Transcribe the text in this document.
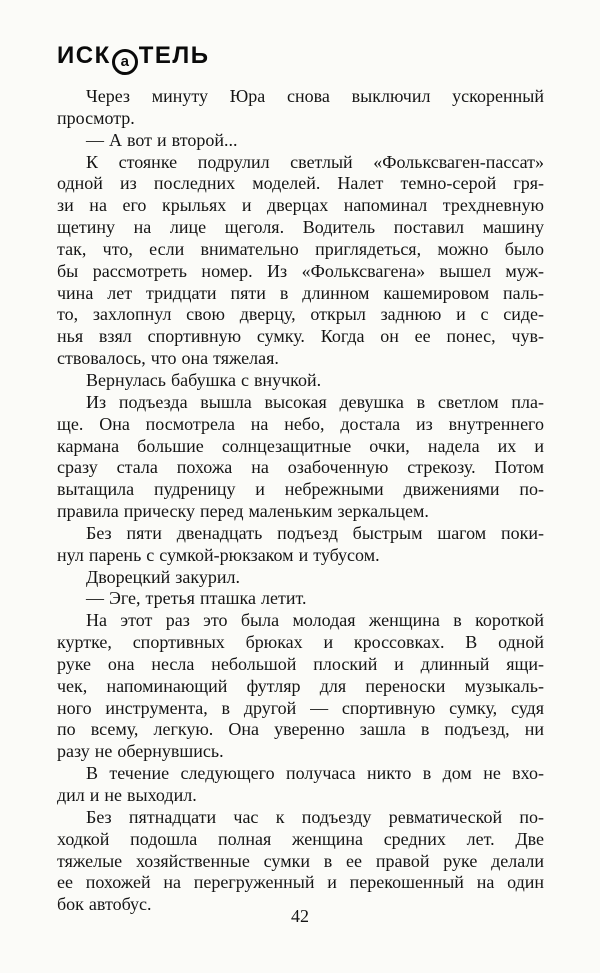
ИСК а ТЕЛЬ
Через минуту Юра снова выключил ускоренный
просмотр.
— А вот и второй...
К стоянке подрулил светлый «Фольксваген-пассат»
одной из последних моделей. Налет темно-серой гря-
зи на его крыльях и дверцах напоминал трехдневную
щетину на лице щеголя. Водитель поставил машину
так, что, если внимательно приглядеться, можно было
бы рассмотреть номер. Из «Фольксвагена» вышел муж-
чина лет тридцати пяти в длинном кашемировом паль-
то, захлопнул свою дверцу, открыл заднюю и с сиде-
нья взял спортивную сумку. Когда он ее понес, чув-
ствовалось, что она тяжелая.
Вернулась бабушка с внучкой.
Из подъезда вышла высокая девушка в светлом пла-
ще. Она посмотрела на небо, достала из внутреннего
кармана большие солнцезащитные очки, надела их и
сразу стала похожа на озабоченную стрекозу. Потом
вытащила пудреницу и небрежными движениями по-
правила прическу перед маленьким зеркальцем.
Без пяти двенадцать подъезд быстрым шагом поки-
нул парень с сумкой-рюкзаком и тубусом.
Дворецкий закурил.
— Эге, третья пташка летит.
На этот раз это была молодая женщина в короткой
куртке, спортивных брюках и кроссовках. В одной
руке она несла небольшой плоский и длинный ящи-
чек, напоминающий футляр для переноски музыкаль-
ного инструмента, в другой — спортивную сумку, судя
по всему, легкую. Она уверенно зашла в подъезд, ни
разу не обернувшись.
В течение следующего получаса никто в дом не вхо-
дил и не выходил.
Без пятнадцати час к подъезду ревматической по-
ходкой подошла полная женщина средних лет. Две
тяжелые хозяйственные сумки в ее правой руке делали
ее похожей на перегруженный и перекошенный на один
бок автобус.
42
